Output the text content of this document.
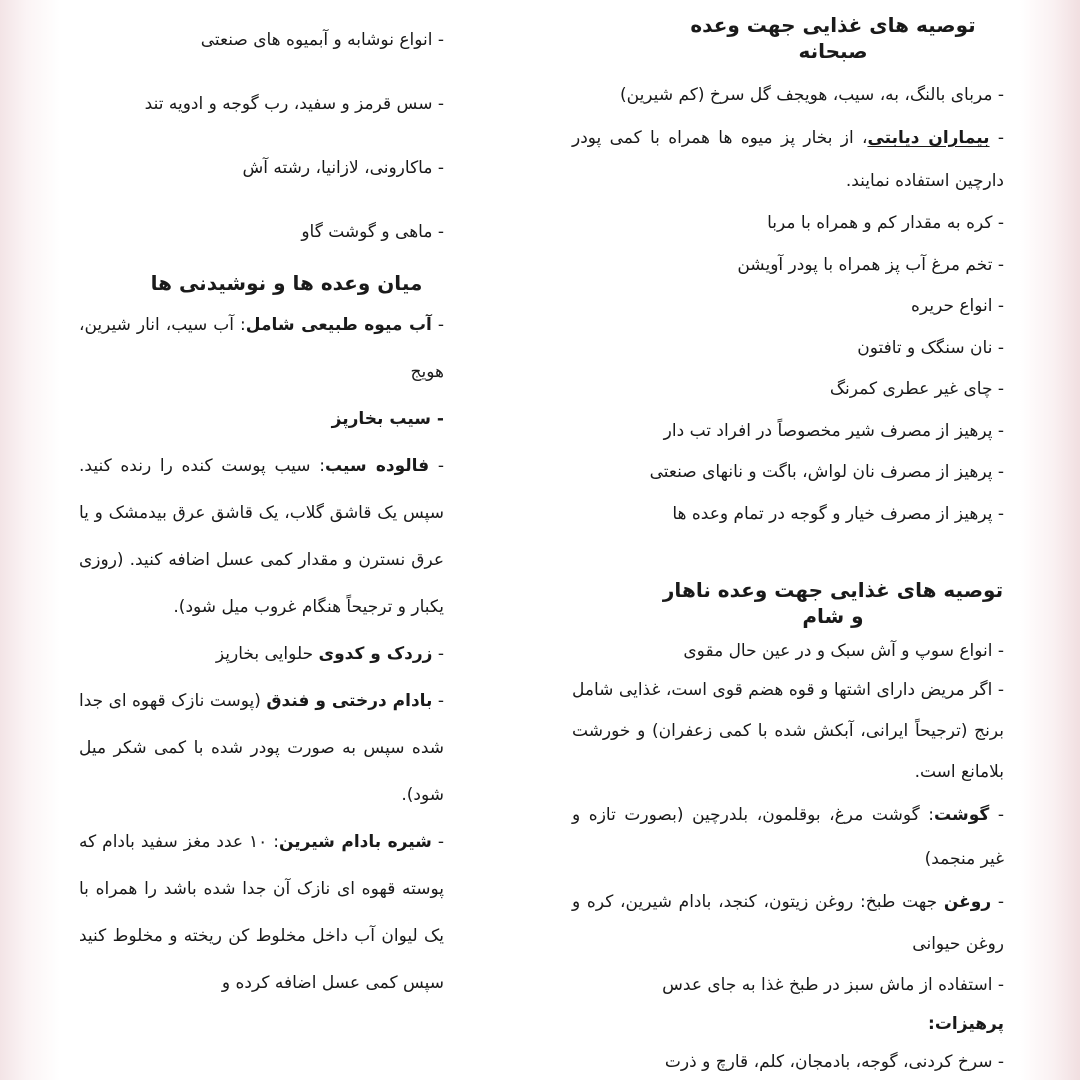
توصیه های غذایی جهت وعده صبحانه

- مربای بالنگ، به، سیب، هویجف گل سرخ (کم شیرین)

- بیماران دیابتی، از بخار پز میوه ها همراه با کمی پودر دارچین استفاده نمایند.

- کره به مقدار کم و همراه با مربا

- تخم مرغ آب پز همراه با پودر آویشن

- انواع حریره

- نان سنگک و تافتون

- چای غیر عطری کمرنگ

- پرهیز از مصرف شیر مخصوصاً در افراد تب دار

- پرهیز از مصرف نان لواش، باگت و نانهای صنعتی

- پرهیز از مصرف خیار و گوجه در تمام وعده ها

توصیه های غذایی جهت وعده ناهار و شام

- انواع سوپ و آش سبک و در عین حال مقوی

- اگر مریض دارای اشتها و قوه هضم قوی است، غذایی شامل برنج (ترجیحاً ایرانی، آبکش شده با کمی زعفران) و خورشت بلامانع است.

- گوشت: گوشت مرغ، بوقلمون، بلدرچین (بصورت تازه و غیر منجمد)

- روغن جهت طبخ: روغن زیتون، کنجد، بادام شیرین، کره و روغن حیوانی

- استفاده از ماش سبز در طبخ غذا به جای عدس

پرهیزات:

- سرخ کردنی، گوجه، بادمجان، کلم، قارچ و ذرت

- انواع نوشابه و آبمیوه های صنعتی

- سس قرمز و سفید، رب گوجه و ادویه تند

- ماکارونی، لازانیا، رشته آش

- ماهی و گوشت گاو

میان وعده ها و نوشیدنی ها

- آب میوه طبیعی شامل: آب سیب، انار شیرین، هویج

- سیب بخارپز

- فالوده سیب: سیب پوست کنده را رنده کنید. سپس یک قاشق گلاب، یک قاشق عرق بیدمشک و یا عرق نسترن و مقدار کمی عسل اضافه کنید. (روزی یکبار و ترجیحاً هنگام غروب میل شود).

- زردک و کدوی حلوایی بخارپز

- بادام درختی و فندق (پوست نازک قهوه ای جدا شده سپس به صورت پودر شده با کمی شکر میل شود).

- شیره بادام شیرین: ۱۰ عدد مغز سفید بادام که پوسته قهوه ای نازک آن جدا شده باشد را همراه با یک لیوان آب داخل مخلوط کن ریخته و مخلوط کنید سپس کمی عسل اضافه کرده و
